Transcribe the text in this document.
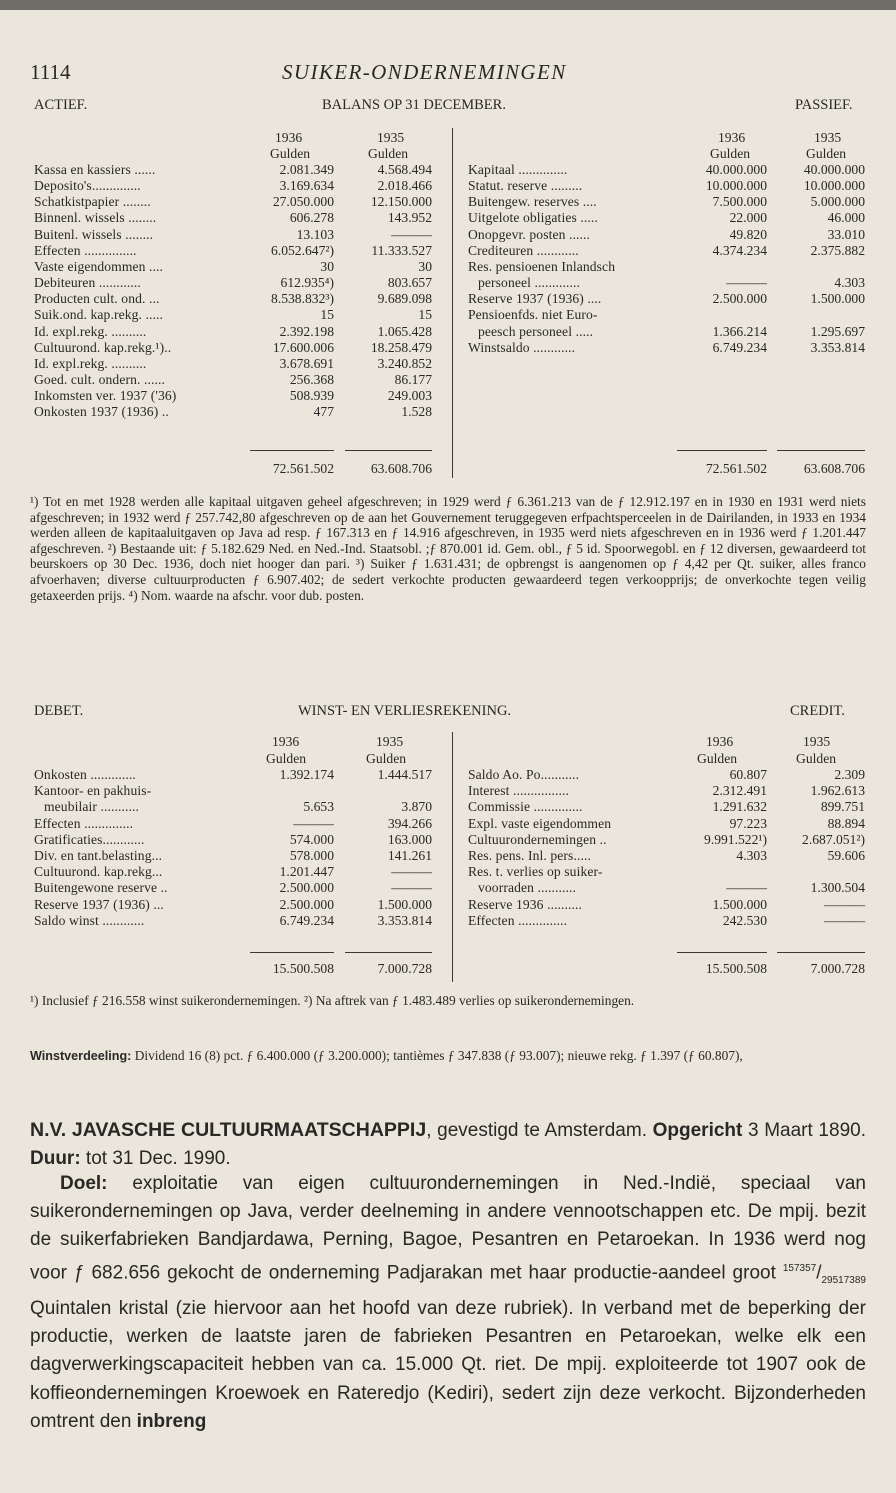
1114	SUIKER-ONDERNEMINGEN
ACTIEF.	BALANS OP 31 DECEMBER.	PASSIEF.
1936	1935
Gulden	Gulden
1936	1935
Gulden	Gulden
Kassa en kassiers ......	2.081.349	4.568.494
Deposito's..............	3.169.634	2.018.466
Schatkistpapier ........	27.050.000	12.150.000
Binnenl. wissels ........	606.278	143.952
Buitenl. wissels ........	13.103	———
Effecten ...............	6.052.647²)	11.333.527
Vaste eigendommen ....	30	30
Debiteuren ............	612.935⁴)	803.657
Producten cult. ond. ...	8.538.832³)	9.689.098
Suik.ond. kap.rekg. .....	15	15
Id. expl.rekg. ..........	2.392.198	1.065.428
Cultuurond. kap.rekg.¹)..	17.600.006	18.258.479
Id. expl.rekg. ..........	3.678.691	3.240.852
Goed. cult. ondern. ......	256.368	86.177
Inkomsten ver. 1937 ('36)	508.939	249.003
Onkosten 1937 (1936) ..	477	1.528
Kapitaal ..............	40.000.000	40.000.000
Statut. reserve .........	10.000.000	10.000.000
Buitengew. reserves ....	7.500.000	5.000.000
Uitgelote obligaties .....	22.000	46.000
Onopgevr. posten ......	49.820	33.010
Crediteuren ............	4.374.234	2.375.882
Res. pensioenen Inlandsch
personeel .............	———	4.303
Reserve 1937 (1936) ....	2.500.000	1.500.000
Pensioenfds. niet Euro-
peesch personeel .....	1.366.214	1.295.697
Winstsaldo ............	6.749.234	3.353.814
72.561.502	63.608.706	72.561.502	63.608.706
¹) Tot en met 1928 werden alle kapitaal uitgaven geheel afgeschreven; in 1929 werd ƒ 6.361.213 van de ƒ 12.912.197 en in 1930 en 1931 werd niets afgeschreven; in 1932 werd ƒ 257.742,80 afgeschreven op de aan het Gouvernement teruggegeven erfpachtsperceelen in de Dairilanden, in 1933 en 1934 werden alleen de kapitaaluitgaven op Java ad resp. ƒ 167.313 en ƒ 14.916 afgeschreven, in 1935 werd niets afgeschreven en in 1936 werd ƒ 1.201.447 afgeschreven. ²) Bestaande uit: ƒ 5.182.629 Ned. en Ned.-Ind. Staatsobl. ;ƒ 870.001 id. Gem. obl., ƒ 5 id. Spoorwegobl. en ƒ 12 diversen, gewaardeerd tot beurskoers op 30 Dec. 1936, doch niet hooger dan pari. ³) Suiker ƒ 1.631.431; de opbrengst is aangenomen op ƒ 4,42 per Qt. suiker, alles franco afvoerhaven; diverse cultuurproducten ƒ 6.907.402; de sedert verkochte producten gewaardeerd tegen verkoopprijs; de onverkochte tegen veilig getaxeerden prijs. ⁴) Nom. waarde na afschr. voor dub. posten.
DEBET.	WINST- EN VERLIESREKENING.	CREDIT.
1936	1935
Gulden	Gulden
1936	1935
Gulden	Gulden
Onkosten .............	1.392.174	1.444.517
Kantoor- en pakhuis-
meubilair ...........	5.653	3.870
Effecten ..............	———	394.266
Gratificaties............	574.000	163.000
Div. en tant.belasting...	578.000	141.261
Cultuurond. kap.rekg...	1.201.447	———
Buitengewone reserve ..	2.500.000	———
Reserve 1937 (1936) ...	2.500.000	1.500.000
Saldo winst ............	6.749.234	3.353.814
Saldo Ao. Po...........	60.807	2.309
Interest ................	2.312.491	1.962.613
Commissie ..............	1.291.632	899.751
Expl. vaste eigendommen	97.223	88.894
Cultuurondernemingen ..	9.991.522¹)	2.687.051²)
Res. pens. Inl. pers.....	4.303	59.606
Res. t. verlies op suiker-
voorraden ...........	———	1.300.504
Reserve 1936 ..........	1.500.000	———
Effecten ..............	242.530	———
15.500.508	7.000.728	15.500.508	7.000.728
¹) Inclusief ƒ 216.558 winst suikerondernemingen. ²) Na aftrek van ƒ 1.483.489 verlies op suikerondernemingen.
Winstverdeeling: Dividend 16 (8) pct. ƒ 6.400.000 (ƒ 3.200.000); tantièmes ƒ 347.838 (ƒ 93.007); nieuwe rekg. ƒ 1.397 (ƒ 60.807),
N.V. JAVASCHE CULTUURMAATSCHAPPIJ, gevestigd te Amsterdam. Opgericht 3 Maart 1890. Duur: tot 31 Dec. 1990.
Doel: exploitatie van eigen cultuurondernemingen in Ned.-Indië, speciaal van suikerondernemingen op Java, verder deelneming in andere vennootschappen etc. De mpij. bezit de suikerfabrieken Bandjardawa, Perning, Bagoe, Pesantren en Petaroekan. In 1936 werd nog voor ƒ 682.656 gekocht de onderneming Padjarakan met haar productie-aandeel groot $^{157357}/_{29517389}$ Quintalen kristal (zie hiervoor aan het hoofd van deze rubriek). In verband met de beperking der productie, werken de laatste jaren de fabrieken Pesantren en Petaroekan, welke elk een dagverwerkingscapaciteit hebben van ca. 15.000 Qt. riet. De mpij. exploiteerde tot 1907 ook de koffieondernemingen Kroewoek en Rateredjo (Kediri), sedert zijn deze verkocht. Bijzonderheden omtrent den inbreng
